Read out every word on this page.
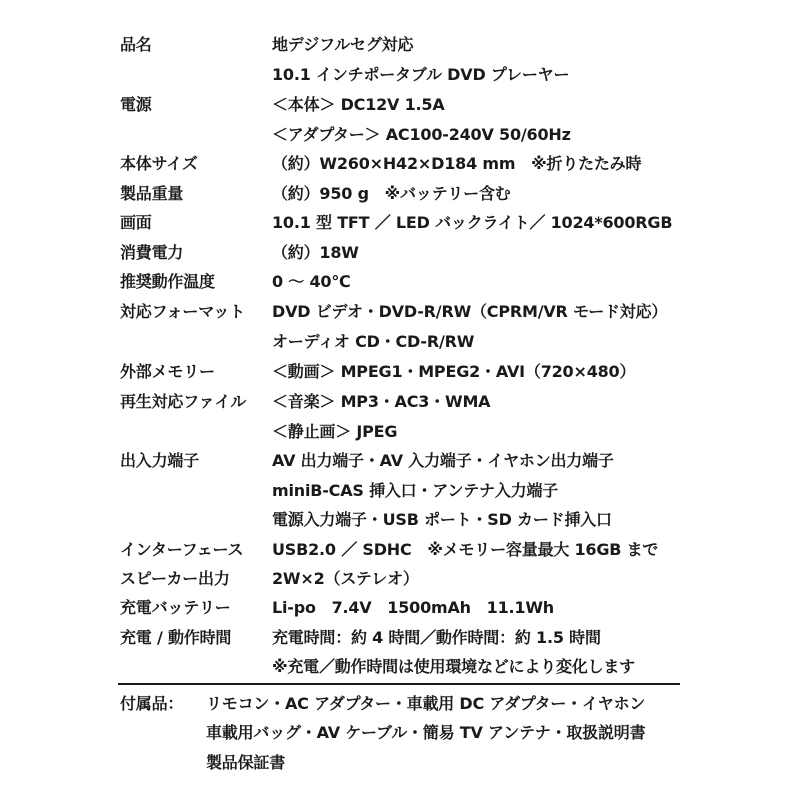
品名	地デジフルセグ対応
10.1 インチポータブル DVD プレーヤー
電源	＜本体＞ DC12V 1.5A
＜アダプター＞ AC100-240V 50/60Hz
本体サイズ	（約）W260×H42×D184 mm　※折りたたみ時
製品重量	（約）950 g　※バッテリー含む
画面	10.1 型 TFT ／ LED バックライト／ 1024*600RGB
消費電力	（約）18W
推奨動作温度	0 ～ 40℃
対応フォーマット DVD ビデオ・DVD-R/RW（CPRM/VR モード対応）
オーディオ CD・CD-R/RW
外部メモリー	＜動画＞ MPEG1・MPEG2・AVI（720×480）
再生対応ファイル ＜音楽＞ MP3・AC3・WMA
＜静止画＞ JPEG
出入力端子	AV 出力端子・AV 入力端子・イヤホン出力端子
miniB-CAS 挿入口・アンテナ入力端子
電源入力端子・USB ポート・SD カード挿入口
インターフェース USB2.0 ／ SDHC　※メモリー容量最大 16GB まで
スピーカー出力	2W×2（ステレオ）
充電バッテリー	Li-po　7.4V　1500mAh　11.1Wh
充電 / 動作時間	充電時間：約 4 時間／動作時間：約 1.5 時間
※充電／動作時間は使用環境などにより変化します
付属品： リモコン・AC アダプター・車載用 DC アダプター・イヤホン
車載用バッグ・AV ケーブル・簡易 TV アンテナ・取扱説明書
製品保証書
